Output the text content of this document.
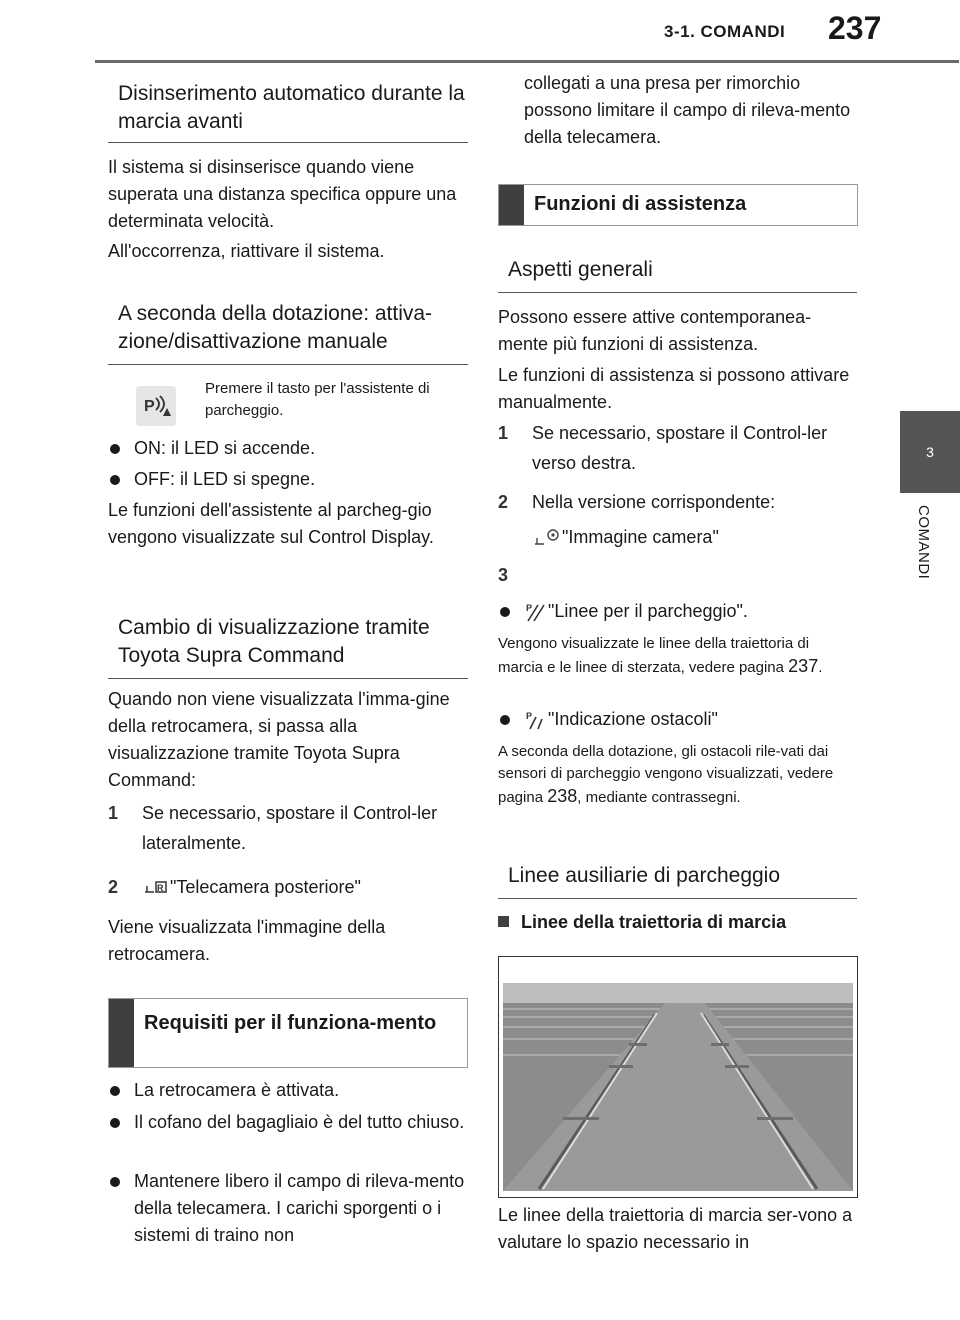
3-1. COMANDI 237
3
COMANDI
Disinserimento automatico durante la marcia avanti
Il sistema si disinserisce quando viene superata una distanza specifica oppure una determinata velocità.
All'occorrenza, riattivare il sistema.
A seconda della dotazione: attiva-zione/disattivazione manuale
P
Premere il tasto per l'assistente di parcheggio.
ON: il LED si accende.
OFF: il LED si spegne.
Le funzioni dell'assistente al parcheg-gio vengono visualizzate sul Control Display.
Cambio di visualizzazione tramite Toyota Supra Command
Quando non viene visualizzata l'imma-gine della retrocamera, si passa alla visualizzazione tramite Toyota Supra Command:
1 Se necessario, spostare il Control-ler lateralmente.
2	R "Telecamera posteriore"
Viene visualizzata l'immagine della retrocamera.
Requisiti per il funziona-mento
La retrocamera è attivata.
Il cofano del bagagliaio è del tutto chiuso.
Mantenere libero il campo di rileva-mento della telecamera. I carichi sporgenti o i sistemi di traino non
collegati a una presa per rimorchio possono limitare il campo di rileva-mento della telecamera.
Funzioni di assistenza
Aspetti generali
Possono essere attive contemporanea-mente più funzioni di assistenza.
Le funzioni di assistenza si possono attivare manualmente.
1 Se necessario, spostare il Control-ler verso destra.
2 Nella versione corrispondente:
"Immagine camera"
3
P "Linee per il parcheggio".
Vengono visualizzate le linee della traiettoria di marcia e le linee di sterzata, vedere pagina 237.
P "Indicazione ostacoli"
A seconda della dotazione, gli ostacoli rile-vati dai sensori di parcheggio vengono visualizzati, vedere pagina 238, mediante contrassegni.
Linee ausiliarie di parcheggio
Linee della traiettoria di marcia
Le linee della traiettoria di marcia ser-vono a valutare lo spazio necessario in
